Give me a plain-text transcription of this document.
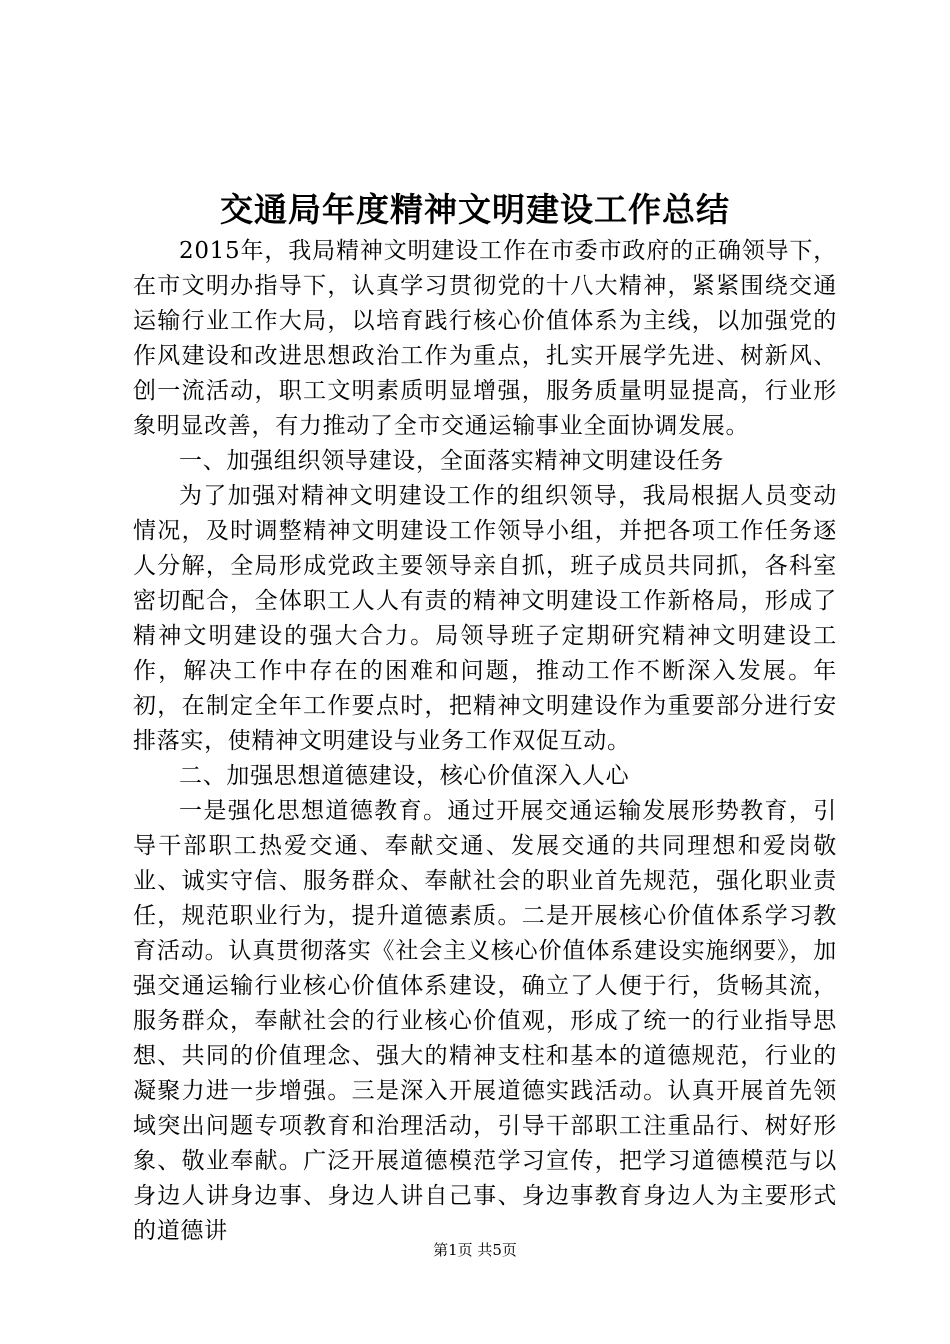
交通局年度精神文明建设工作总结

2015年，我局精神文明建设工作在市委市政府的正确领导下，在市文明办指导下，认真学习贯彻党的十八大精神，紧紧围绕交通运输行业工作大局，以培育践行核心价值体系为主线，以加强党的作风建设和改进思想政治工作为重点，扎实开展学先进、树新风、创一流活动，职工文明素质明显增强，服务质量明显提高，行业形象明显改善，有力推动了全市交通运输事业全面协调发展。

一、加强组织领导建设，全面落实精神文明建设任务

为了加强对精神文明建设工作的组织领导，我局根据人员变动情况，及时调整精神文明建设工作领导小组，并把各项工作任务逐人分解，全局形成党政主要领导亲自抓，班子成员共同抓，各科室密切配合，全体职工人人有责的精神文明建设工作新格局，形成了精神文明建设的强大合力。局领导班子定期研究精神文明建设工作，解决工作中存在的困难和问题，推动工作不断深入发展。年初，在制定全年工作要点时，把精神文明建设作为重要部分进行安排落实，使精神文明建设与业务工作双促互动。

二、加强思想道德建设，核心价值深入人心

一是强化思想道德教育。通过开展交通运输发展形势教育，引导干部职工热爱交通、奉献交通、发展交通的共同理想和爱岗敬业、诚实守信、服务群众、奉献社会的职业首先规范，强化职业责任，规范职业行为，提升道德素质。二是开展核心价值体系学习教育活动。认真贯彻落实《社会主义核心价值体系建设实施纲要》，加强交通运输行业核心价值体系建设，确立了人便于行，货畅其流，服务群众，奉献社会的行业核心价值观，形成了统一的行业指导思想、共同的价值理念、强大的精神支柱和基本的道德规范，行业的凝聚力进一步增强。三是深入开展道德实践活动。认真开展首先领域突出问题专项教育和治理活动，引导干部职工注重品行、树好形象、敬业奉献。广泛开展道德模范学习宣传，把学习道德模范与以身边人讲身边事、身边人讲自己事、身边事教育身边人为主要形式的道德讲

第1页 共5页
